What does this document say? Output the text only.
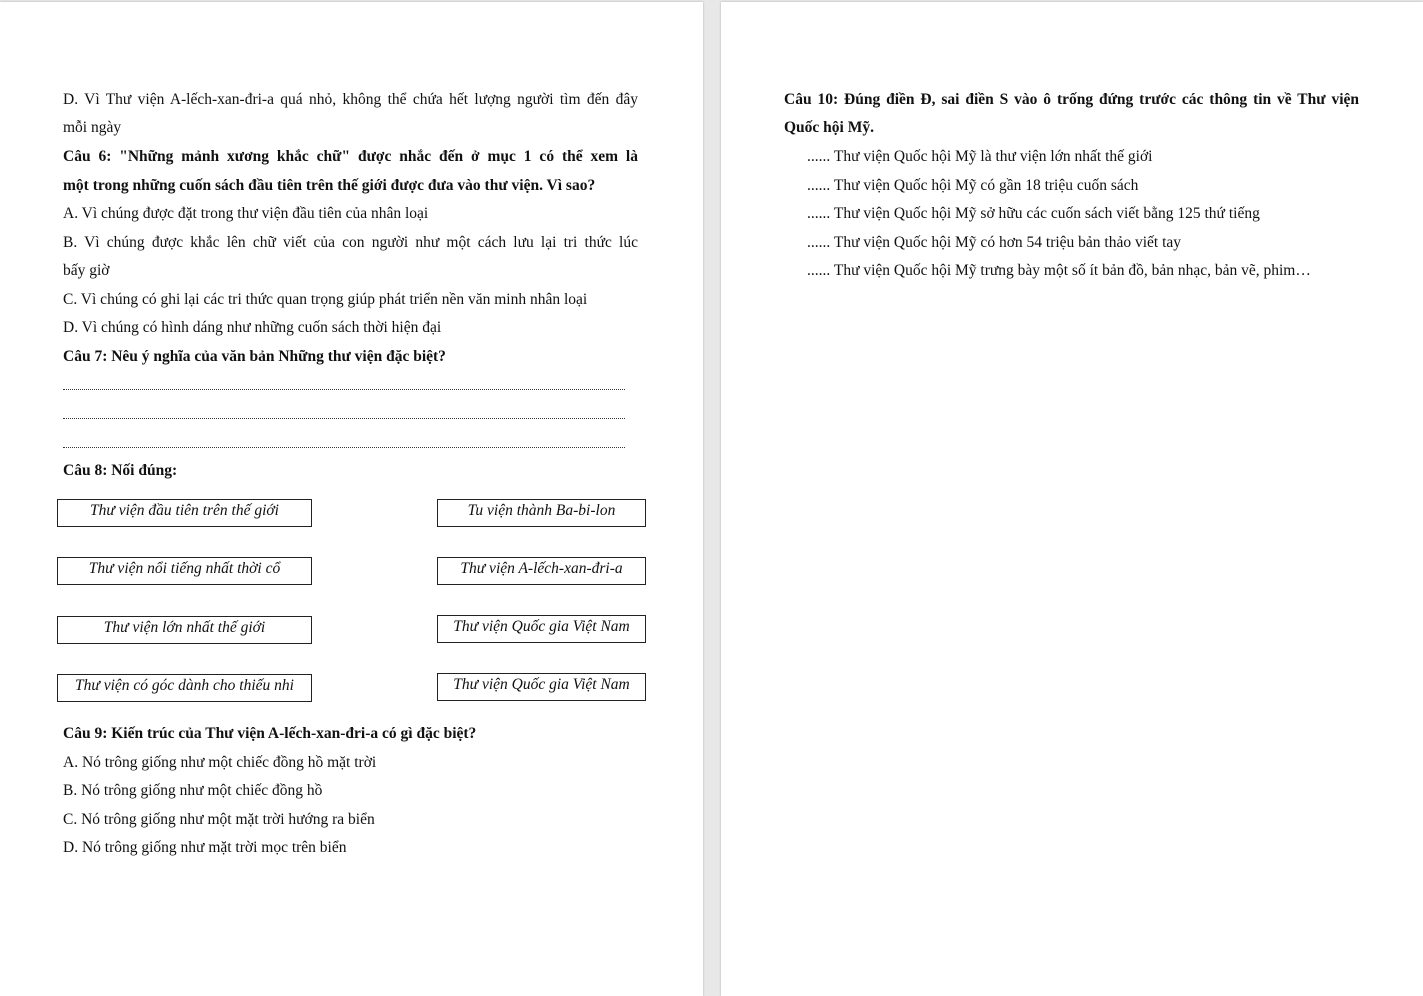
D. Vì Thư viện A-lếch-xan-đri-a quá nhỏ, không thể chứa hết lượng người tìm đến đây
mỗi ngày
Câu 6: "Những mảnh xương khắc chữ" được nhắc đến ở mục 1 có thể xem là
một trong những cuốn sách đầu tiên trên thế giới được đưa vào thư viện. Vì sao?
A. Vì chúng được đặt trong thư viện đầu tiên của nhân loại
B. Vì chúng được khắc lên chữ viết của con người như một cách lưu lại tri thức lúc
bấy giờ
C. Vì chúng có ghi lại các tri thức quan trọng giúp phát triển nền văn minh nhân loại
D. Vì chúng có hình dáng như những cuốn sách thời hiện đại
Câu 7: Nêu ý nghĩa của văn bản Những thư viện đặc biệt?
Câu 8: Nối đúng:
Thư viện đầu tiên trên thế giới	Tu viện thành Ba-bi-lon
Thư viện nổi tiếng nhất thời cổ	Thư viện A-lếch-xan-đri-a
Thư viện lớn nhất thế giới	Thư viện Quốc gia Việt Nam
Thư viện có góc dành cho thiếu nhi	Thư viện Quốc gia Việt Nam
Câu 9: Kiến trúc của Thư viện A-lếch-xan-đri-a có gì đặc biệt?
A. Nó trông giống như một chiếc đồng hồ mặt trời
B. Nó trông giống như một chiếc đồng hồ
C. Nó trông giống như một mặt trời hướng ra biển
D. Nó trông giống như mặt trời mọc trên biển
Câu 10: Đúng điền Đ, sai điền S vào ô trống đứng trước các thông tin về Thư viện
Quốc hội Mỹ.
...... Thư viện Quốc hội Mỹ là thư viện lớn nhất thế giới
...... Thư viện Quốc hội Mỹ có gần 18 triệu cuốn sách
...... Thư viện Quốc hội Mỹ sở hữu các cuốn sách viết bằng 125 thứ tiếng
...... Thư viện Quốc hội Mỹ có hơn 54 triệu bản thảo viết tay
...... Thư viện Quốc hội Mỹ trưng bày một số ít bản đồ, bản nhạc, bản vẽ, phim…
